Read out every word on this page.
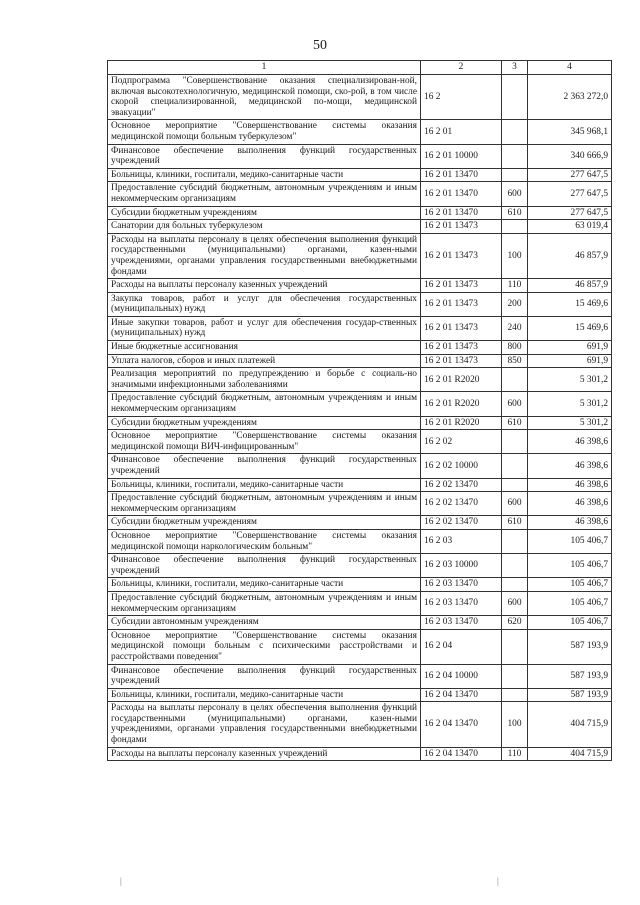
50
1	2	3	4
Подпрограмма "Совершенствование оказания специализирован-ной, включая высокотехнологичную, медицинской помощи, ско-рой, в том числе скорой специализированной, медицинской по-мощи, медицинской эвакуации"	16 2		2 363 272,0
Основное мероприятие "Совершенствование системы оказания медицинской помощи больным туберкулезом"	16 2 01		345 968,1
Финансовое обеспечение выполнения функций государственных учреждений	16 2 01 10000		340 666,9
Больницы, клиники, госпитали, медико-санитарные части	16 2 01 13470		277 647,5
Предоставление субсидий бюджетным, автономным учреждениям и иным некоммерческим организациям	16 2 01 13470	600	277 647,5
Субсидии бюджетным учреждениям	16 2 01 13470	610	277 647,5
Санатории для больных туберкулезом	16 2 01 13473		63 019,4
Расходы на выплаты персоналу в целях обеспечения выполнения функций государственными (муниципальными) органами, казен-ными учреждениями, органами управления государственными внебюджетными фондами	16 2 01 13473	100	46 857,9
Расходы на выплаты персоналу казенных учреждений	16 2 01 13473	110	46 857,9
Закупка товаров, работ и услуг для обеспечения государственных (муниципальных) нужд	16 2 01 13473	200	15 469,6
Иные закупки товаров, работ и услуг для обеспечения государ-ственных (муниципальных) нужд	16 2 01 13473	240	15 469,6
Иные бюджетные ассигнования	16 2 01 13473	800	691,9
Уплата налогов, сборов и иных платежей	16 2 01 13473	850	691,9
Реализация мероприятий по предупреждению и борьбе с социаль-но значимыми инфекционными заболеваниями	16 2 01 R2020		5 301,2
Предоставление субсидий бюджетным, автономным учреждениям и иным некоммерческим организациям	16 2 01 R2020	600	5 301,2
Субсидии бюджетным учреждениям	16 2 01 R2020	610	5 301,2
Основное мероприятие "Совершенствование системы оказания медицинской помощи ВИЧ-инфицированным"	16 2 02		46 398,6
Финансовое обеспечение выполнения функций государственных учреждений	16 2 02 10000		46 398,6
Больницы, клиники, госпитали, медико-санитарные части	16 2 02 13470		46 398,6
Предоставление субсидий бюджетным, автономным учреждениям и иным некоммерческим организациям	16 2 02 13470	600	46 398,6
Субсидии бюджетным учреждениям	16 2 02 13470	610	46 398,6
Основное мероприятие "Совершенствование системы оказания медицинской помощи наркологическим больным"	16 2 03		105 406,7
Финансовое обеспечение выполнения функций государственных учреждений	16 2 03 10000		105 406,7
Больницы, клиники, госпитали, медико-санитарные части	16 2 03 13470		105 406,7
Предоставление субсидий бюджетным, автономным учреждениям и иным некоммерческим организациям	16 2 03 13470	600	105 406,7
Субсидии автономным учреждениям	16 2 03 13470	620	105 406,7
Основное мероприятие "Совершенствование системы оказания медицинской помощи больным с психическими расстройствами и расстройствами поведения"	16 2 04		587 193,9
Финансовое обеспечение выполнения функций государственных учреждений	16 2 04 10000		587 193,9
Больницы, клиники, госпитали, медико-санитарные части	16 2 04 13470		587 193,9
Расходы на выплаты персоналу в целях обеспечения выполнения функций государственными (муниципальными) органами, казен-ными учреждениями, органами управления государственными внебюджетными фондами	16 2 04 13470	100	404 715,9
Расходы на выплаты персоналу казенных учреждений	16 2 04 13470	110	404 715,9
|	|
